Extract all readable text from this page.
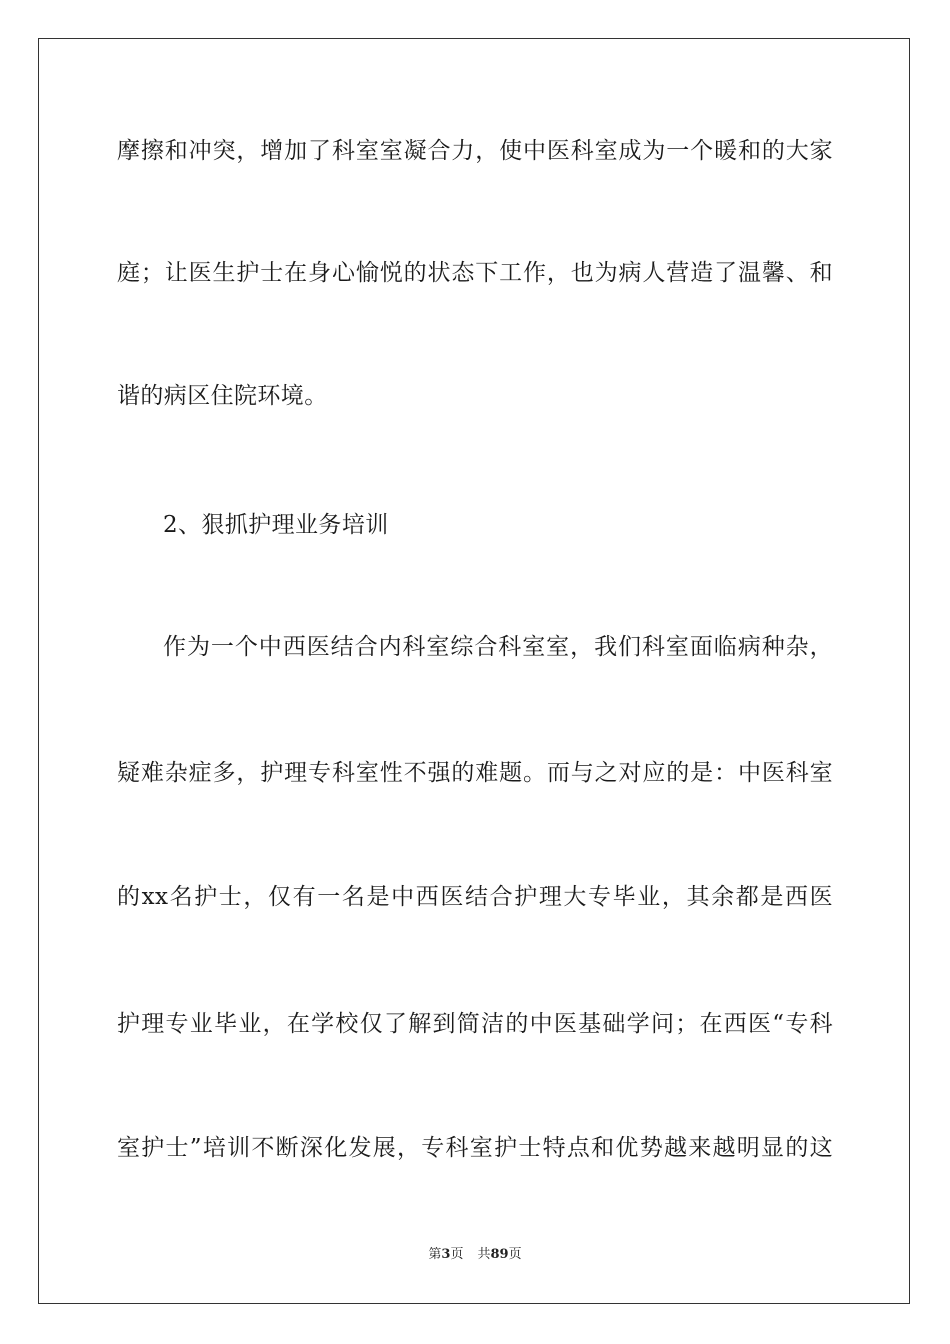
摩擦和冲突，增加了科室室凝合力，使中医科室成为一个暖和的大家
庭；让医生护士在身心愉悦的状态下工作，也为病人营造了温馨、和
谐的病区住院环境。
2、狠抓护理业务培训
作为一个中西医结合内科室综合科室室，我们科室面临病种杂，
疑难杂症多，护理专科室性不强的难题。而与之对应的是：中医科室
的xx名护士，仅有一名是中西医结合护理大专毕业，其余都是西医
护理专业毕业，在学校仅了解到简洁的中医基础学问；在西医“专科
室护士”培训不断深化发展，专科室护士特点和优势越来越明显的这
第3页 共89页
